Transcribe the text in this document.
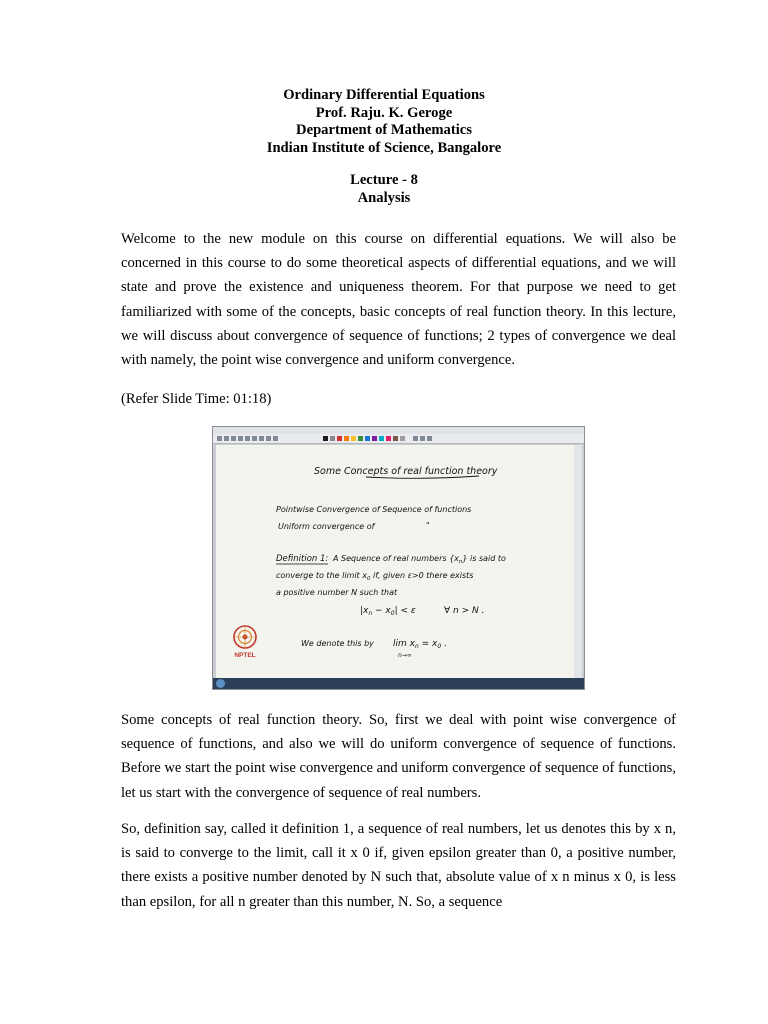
Ordinary Differential Equations
Prof. Raju. K. Geroge
Department of Mathematics
Indian Institute of Science, Bangalore
Lecture - 8
Analysis

Welcome to the new module on this course on differential equations. We will also be concerned in this course to do some theoretical aspects of differential equations, and we will state and prove the existence and uniqueness theorem. For that purpose we need to get familiarized with some of the concepts, basic concepts of real function theory. In this lecture, we will discuss about convergence of sequence of functions; 2 types of convergence we deal with namely, the point wise convergence and uniform convergence.

(Refer Slide Time: 01:18)

Some Concepts of real function theory
Pointwise Convergence of Sequence of functions
Uniform convergence of	"
Definition 1: A Sequence of real numbers $\{x_n\}$ is said to
converge to the limit $x_0$ if, given ε>0 there exists
a positive number N such that
$|x_n - x_0| < \varepsilon$	∀ n > N .
We denote this by $\lim x_n = x_0$ .
n→∞
NPTEL

Some concepts of real function theory. So, first we deal with point wise convergence of sequence of functions, and also we will do uniform convergence of sequence of functions. Before we start the point wise convergence and uniform convergence of sequence of functions, let us start with the convergence of sequence of real numbers.

So, definition say, called it definition 1, a sequence of real numbers, let us denotes this by x n, is said to converge to the limit, call it x 0 if, given epsilon greater than 0, a positive number, there exists a positive number denoted by N such that, absolute value of x n minus x 0, is less than epsilon, for all n greater than this number, N. So, a sequence
